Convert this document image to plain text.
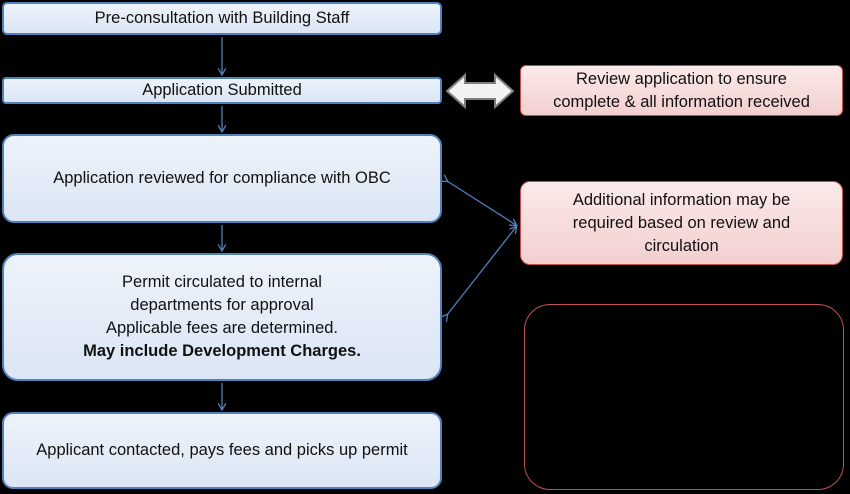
Pre-consultation with Building Staff
Application Submitted
Application reviewed for compliance with OBC
Permit circulated to internal
departments for approval
Applicable fees are determined.
May include Development Charges.
Applicant contacted, pays fees and picks up permit
Review application to ensure
complete & all information received
Additional information may be
required based on review and
circulation
